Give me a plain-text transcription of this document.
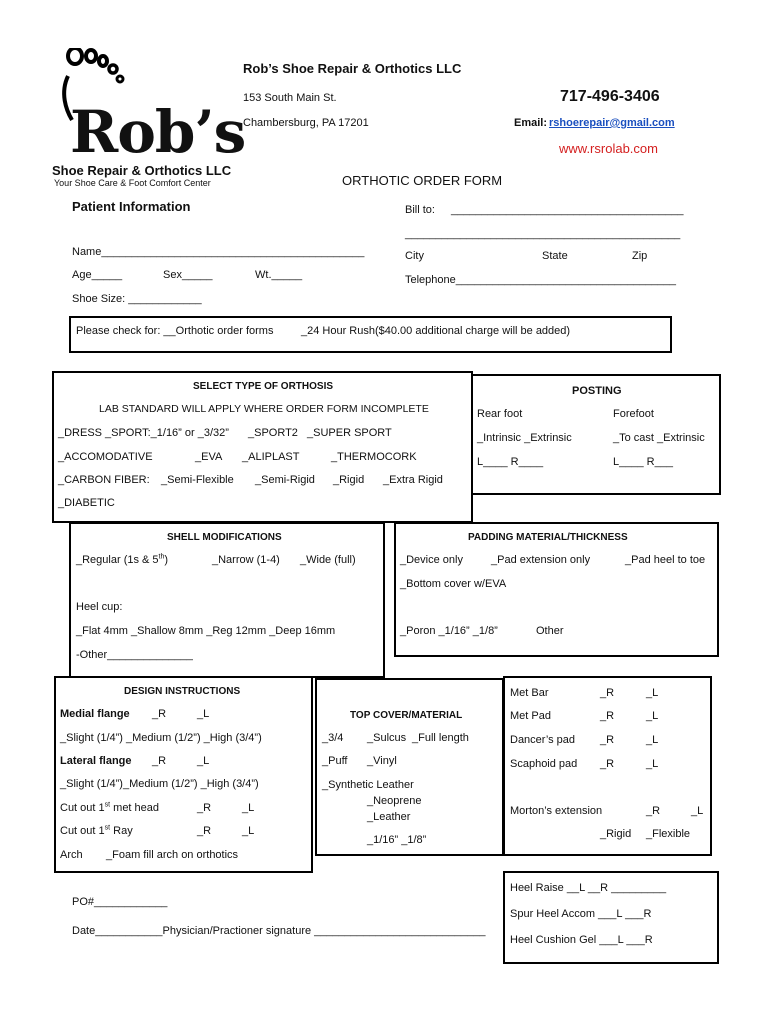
Rob’s
Shoe Repair & Orthotics LLC
Your Shoe Care & Foot Comfort Center
Rob’s Shoe Repair & Orthotics LLC
153 South Main St.
Chambersburg, PA 17201
717-496-3406
Email: rshoerepair@gmail.com
www.rsrolab.com
ORTHOTIC ORDER FORM
Patient Information
Name___________________________________________
Age_____	Sex_____	Wt._____
Shoe Size: ____________
Bill to: ______________________________________
_____________________________________________
City	State	Zip
Telephone____________________________________
Please check for: __Orthotic order forms	_24 Hour Rush($40.00 additional charge will be added)
SELECT TYPE OF ORTHOSIS
LAB STANDARD WILL APPLY WHERE ORDER FORM INCOMPLETE
_DRESS _SPORT:_1/16” or _3/32” _SPORT2 _SUPER SPORT
_ACCOMODATIVE	_EVA _ALIPLAST	_THERMOCORK
_CARBON FIBER: _Semi-Flexible _Semi-Rigid _Rigid _Extra Rigid
_DIABETIC
POSTING
Rear foot	Forefoot
_Intrinsic _Extrinsic	_To cast _Extrinsic
L____ R____	L____ R___
SHELL MODIFICATIONS
_Regular (1s & 5th)	_Narrow (1-4) _Wide (full)
Heel cup:
_Flat 4mm _Shallow 8mm _Reg 12mm _Deep 16mm
-Other______________
PADDING MATERIAL/THICKNESS
_Device only	_Pad extension only	_Pad heel to toe
_Bottom cover w/EVA
_Poron _1/16” _1/8”	Other
DESIGN INSTRUCTIONS
Medial flange _R	_L
_Slight (1/4”) _Medium (1/2”) _High (3/4”)
Lateral flange _R	_L
_Slight (1/4”)_Medium (1/2”) _High (3/4”)
Cut out 1st met head	_R	_L
Cut out 1st Ray	_R	_L
Arch _Foam fill arch on orthotics
TOP COVER/MATERIAL
_3/4 _Sulcus _Full length
_Puff _Vinyl
_Synthetic Leather
_Neoprene
_Leather
_1/16” _1/8”
Met Bar	_R	_L
Met Pad	_R	_L
Dancer’s pad _R	_L
Scaphoid pad _R	_L
Morton’s extension	_R	_L
_Rigid _Flexible
Heel Raise __L __R _________
Spur Heel Accom ___L ___R
Heel Cushion Gel ___L ___R
PO#____________
Date___________Physician/Practioner signature ____________________________
